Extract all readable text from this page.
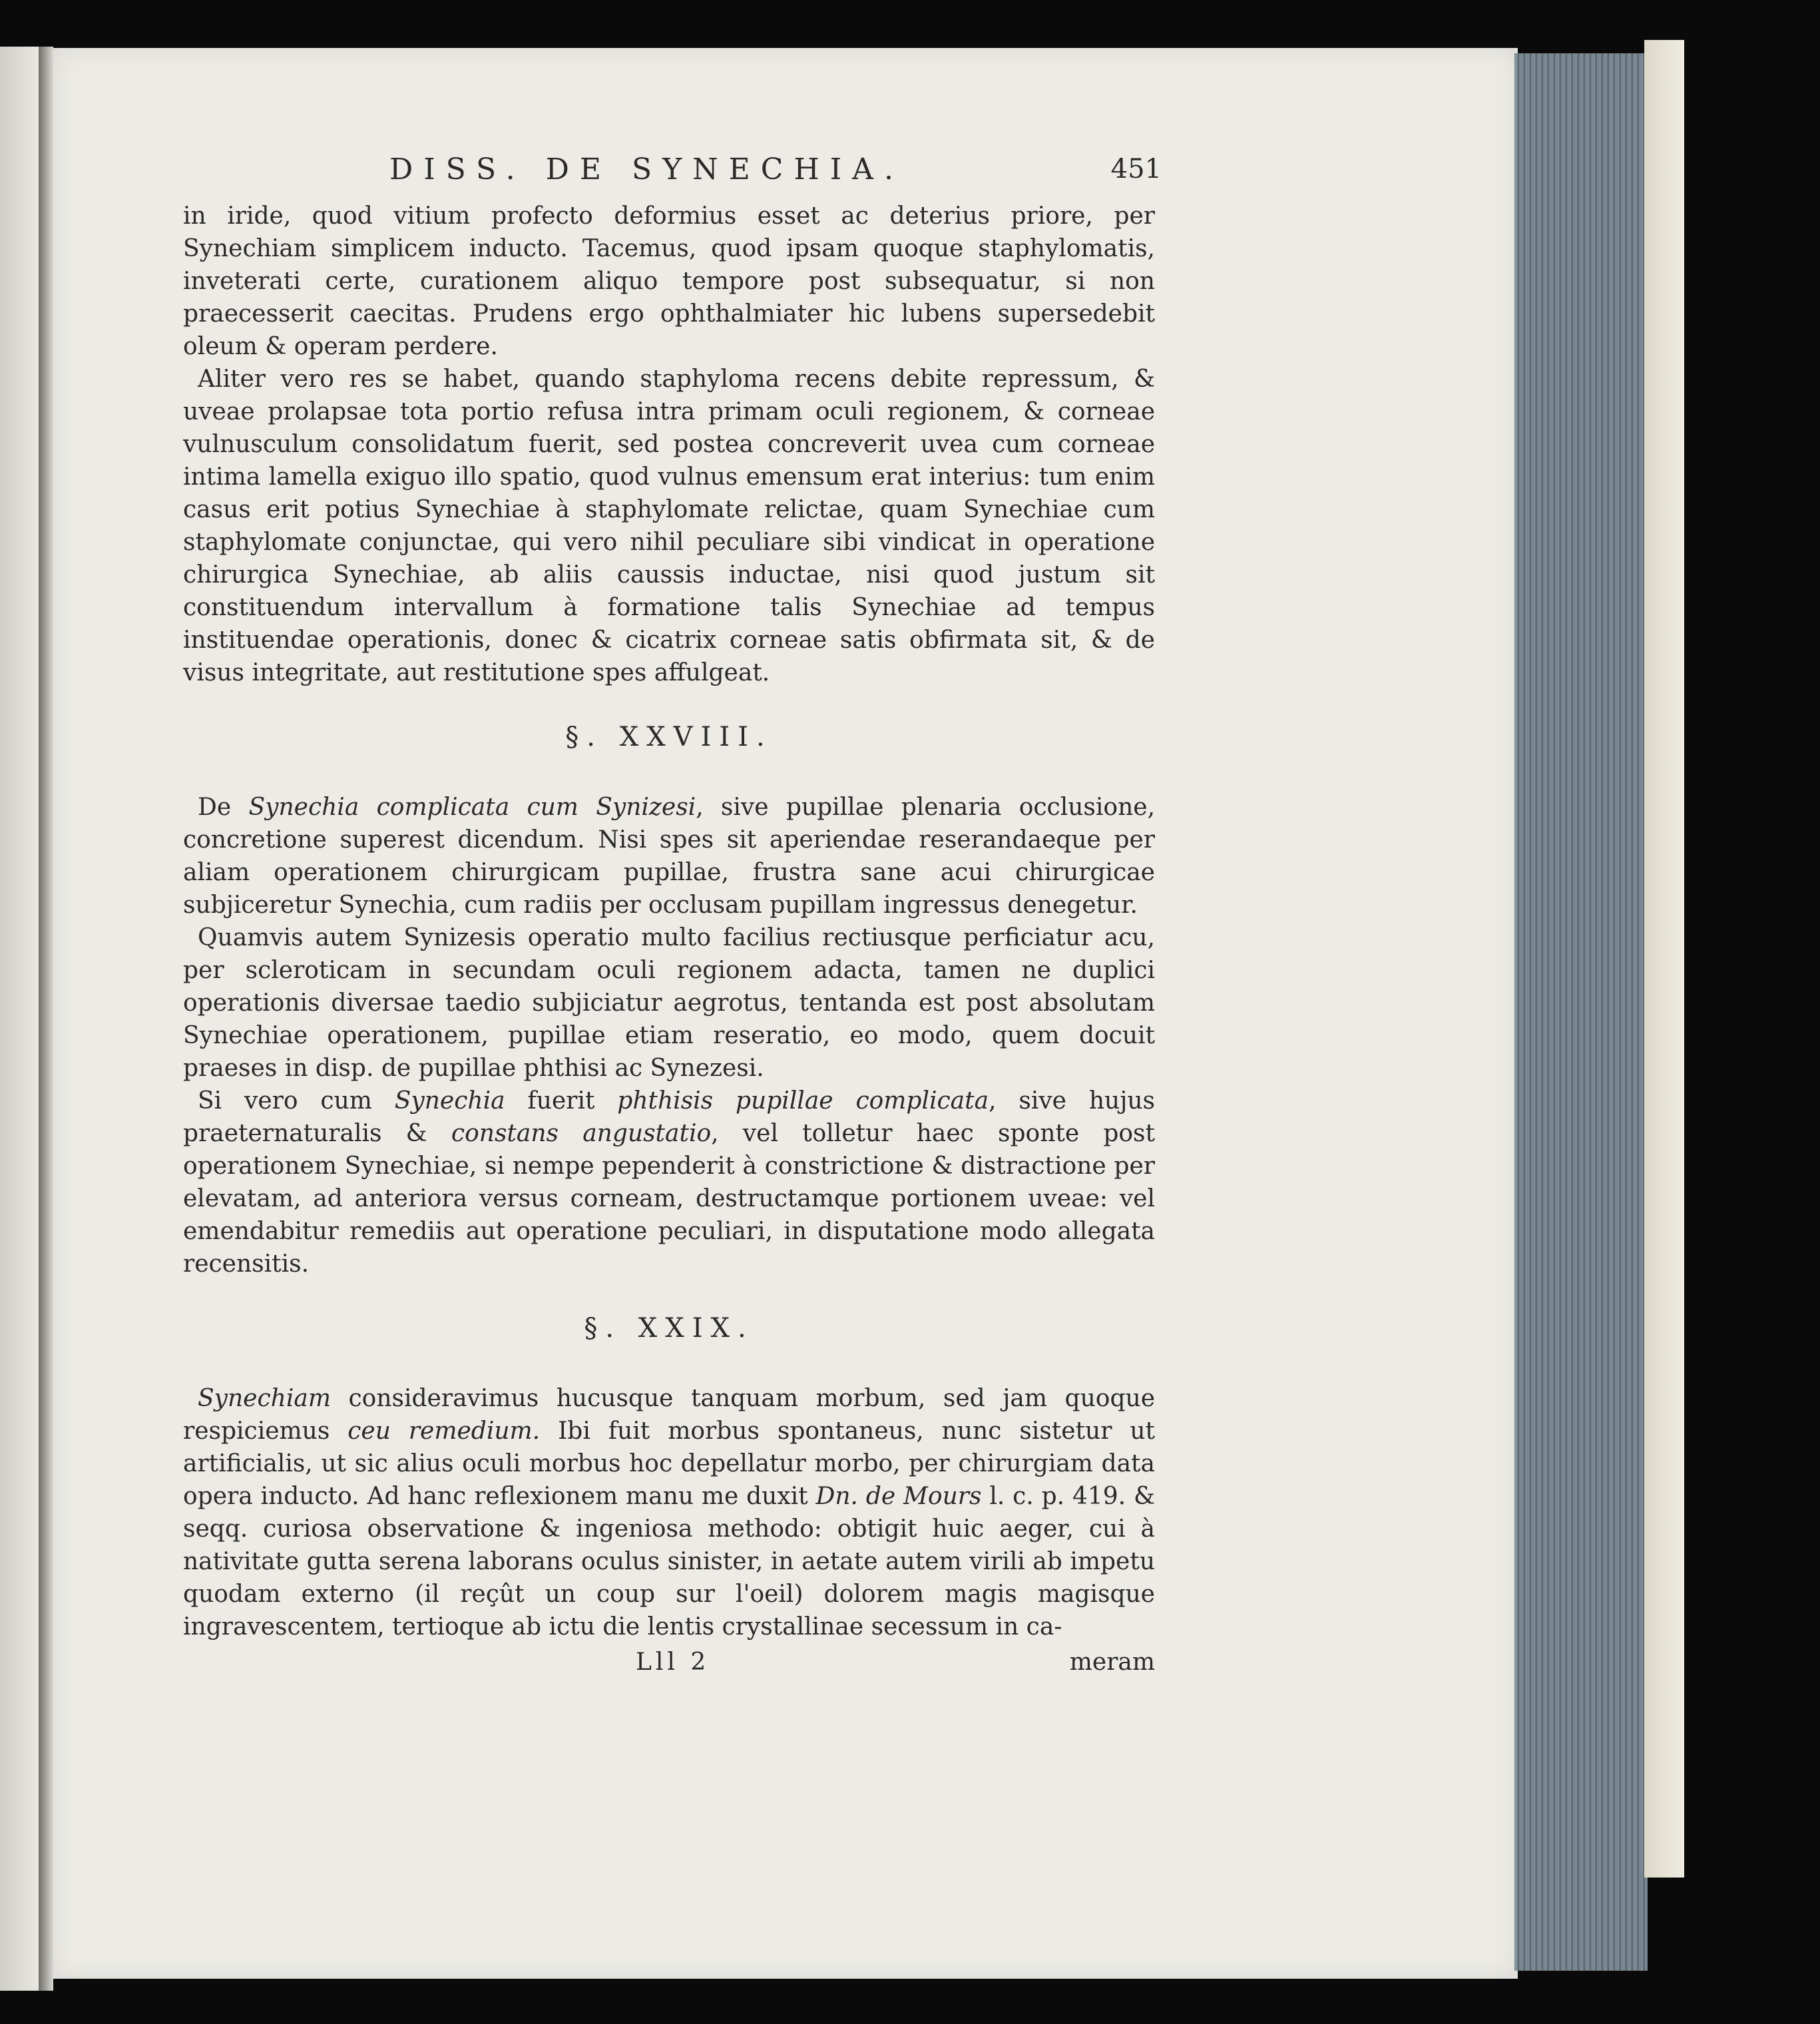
DISS. DE SYNECHIA.	451

in iride, quod vitium profecto deformius esset ac deterius priore, per Synechiam simplicem inducto. Tacemus, quod ipsam quoque staphylomatis, inveterati certe, curationem aliquo tempore post subsequatur, si non praecesserit caecitas. Prudens ergo ophthalmiater hic lubens supersedebit oleum & operam perdere.

Aliter vero res se habet, quando staphyloma recens debite repressum, & uveae prolapsae tota portio refusa intra primam oculi regionem, & corneae vulnusculum consolidatum fuerit, sed postea concreverit uvea cum corneae intima lamella exiguo illo spatio, quod vulnus emensum erat interius: tum enim casus erit potius Synechiae à staphylomate relictae, quam Synechiae cum staphylomate conjunctae, qui vero nihil peculiare sibi vindicat in operatione chirurgica Synechiae, ab aliis caussis inductae, nisi quod justum sit constituendum intervallum à formatione talis Synechiae ad tempus instituendae operationis, donec & cicatrix corneae satis obfirmata sit, & de visus integritate, aut restitutione spes affulgeat.

§. XXVIII.

De Synechia complicata cum Synizesi, sive pupillae plenaria occlusione, concretione superest dicendum. Nisi spes sit aperiendae reserandaeque per aliam operationem chirurgicam pupillae, frustra sane acui chirurgicae subjiceretur Synechia, cum radiis per occlusam pupillam ingressus denegetur.

Quamvis autem Synizesis operatio multo facilius rectiusque perficiatur acu, per scleroticam in secundam oculi regionem adacta, tamen ne duplici operationis diversae taedio subjiciatur aegrotus, tentanda est post absolutam Synechiae operationem, pupillae etiam reseratio, eo modo, quem docuit praeses in disp. de pupillae phthisi ac Synezesi.

Si vero cum Synechia fuerit phthisis pupillae complicata, sive hujus praeternaturalis & constans angustatio, vel tolletur haec sponte post operationem Synechiae, si nempe pependerit à constrictione & distractione per elevatam, ad anteriora versus corneam, destructamque portionem uveae: vel emendabitur remediis aut operatione peculiari, in disputatione modo allegata recensitis.

§. XXIX.

Synechiam consideravimus hucusque tanquam morbum, sed jam quoque respiciemus ceu remedium. Ibi fuit morbus spontaneus, nunc sistetur ut artificialis, ut sic alius oculi morbus hoc depellatur morbo, per chirurgiam data opera inducto. Ad hanc reflexionem manu me duxit Dn. de Mours l. c. p. 419. & seqq. curiosa observatione & ingeniosa methodo: obtigit huic aeger, cui à nativitate gutta serena laborans oculus sinister, in aetate autem virili ab impetu quodam externo (il reçût un coup sur l'oeil) dolorem magis magisque ingravescentem, tertioque ab ictu die lentis crystallinae secessum in ca-

Lll 2	meram
